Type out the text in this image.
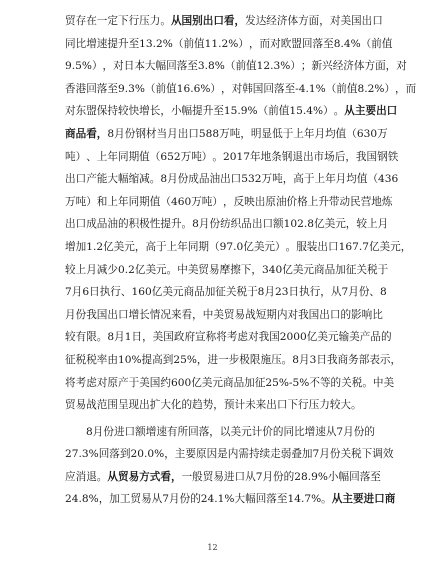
贸 存 在 一 定 下 行 压 力 。 从 国 别 出 口 看 ， 发 达 经 济 体 方 面 ， 对 美 国 出 口
同 比 增 速 提 升 至 1 3 . 2 % （ 前 值 1 1 . 2 % ） ， 而 对 欧 盟 回 落 至 8 . 4 % （ 前 值
9 . 5 % ） ， 对 日 本 大 幅 回 落 至 3 . 8 % （ 前 值 1 2 . 3 % ） ； 新 兴 经 济 体 方 面 ， 对
香 港 回 落 至 9 . 3 % （ 前 值 1 6 . 6 % ） ， 对 韩 国 回 落 至 - 4 . 1 % （ 前 值 8 . 2 % ） ， 而
对 东 盟 保 持 较 快 增 长 ， 小 幅 提 升 至 1 5 . 9 % （ 前 值 1 5 . 4 % ） 。 从 主 要 出 口
商 品 看 ， 8 月 份 钢 材 当 月 出 口 5 8 8 万 吨 ， 明 显 低 于 上 年 月 均 值 （ 6 3 0 万
吨 ） 、 上 年 同 期 值 （ 6 5 2 万 吨 ） 。 2 0 1 7 年 地 条 钢 退 出 市 场 后 ， 我 国 钢 铁
出 口 产 能 大 幅 缩 减 。 8 月 份 成 品 油 出 口 5 3 2 万 吨 ， 高 于 上 年 月 均 值 （ 4 3 6
万 吨 ） 和 上 年 同 期 值 （ 4 6 0 万 吨 ） ， 反 映 出 原 油 价 格 上 升 带 动 民 营 地 炼
出 口 成 品 油 的 积 极 性 提 升 。 8 月 份 纺 织 品 出 口 额 1 0 2 . 8 亿 美 元 ， 较 上 月
增 加 1 . 2 亿 美 元 ， 高 于 上 年 同 期 （ 9 7 . 0 亿 美 元 ） 。 服 装 出 口 1 6 7 . 7 亿 美 元 ，
较 上 月 减 少 0 . 2 亿 美 元 。 中 美 贸 易 摩 擦 下 ， 3 4 0 亿 美 元 商 品 加 征 关 税 于
7 月 6 日 执 行 、 1 6 0 亿 美 元 商 品 加 征 关 税 于 8 月 2 3 日 执 行 ， 从 7 月 份 、 8
月 份 我 国 出 口 增 长 情 况 来 看 ， 中 美 贸 易 战 短 期 内 对 我 国 出 口 的 影 响 比
较 有 限 。 8 月 1 日 ， 美 国 政 府 宣 称 将 考 虑 对 我 国 2 0 0 0 亿 美 元 输 美 产 品 的
征 税 税 率 由 1 0 % 提 高 到 2 5 % ， 进 一 步 极 限 施 压 。 8 月 3 日 我 商 务 部 表 示 ，
将 考 虑 对 原 产 于 美 国 约 6 0 0 亿 美 元 商 品 加 征 2 5 % - 5 % 不 等 的 关 税 。 中 美
贸易战范围呈现出扩大化的趋势，预计未来出口下行压力较大。
8 月 份 进 口 额 增 速 有 所 回 落 ， 以 美 元 计 价 的 同 比 增 速 从 7 月 份 的
2 7 . 3 % 回 落 到 2 0 . 0 % ， 主 要 原 因 是 内 需 持 续 走 弱 叠 加 7 月 份 关 税 下 调 效
应 消 退 。 从 贸 易 方 式 看 ， 一 般 贸 易 进 口 从 7 月 份 的 2 8 . 9 % 小 幅 回 落 至
2 4 . 8 % ， 加 工 贸 易 从 7 月 份 的 2 4 . 1 % 大 幅 回 落 至 1 4 . 7 % 。 从 主 要 进 口 商
12
